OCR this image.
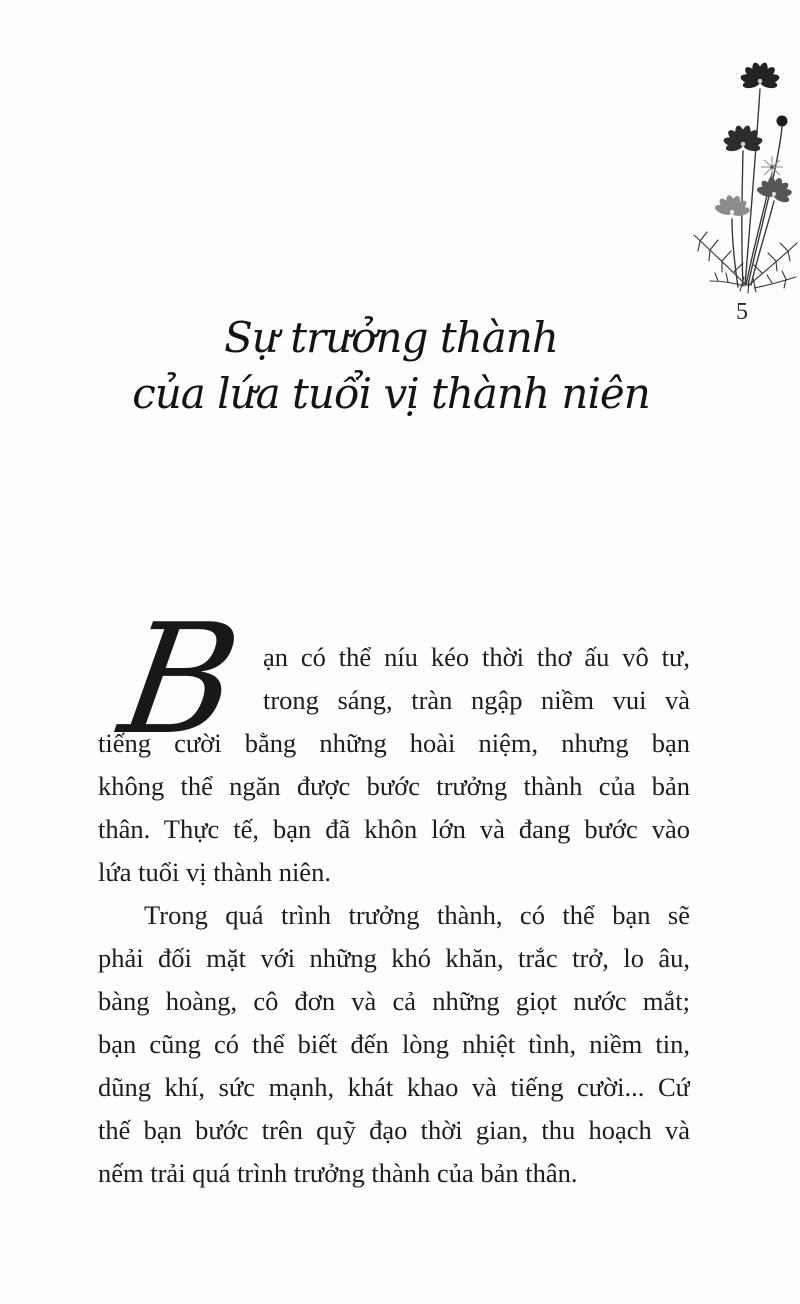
5
Sự trưởng thành
của lứa tuổi vị thành niên
B ạn có thể níu kéo thời thơ ấu vô tư,
trong sáng, tràn ngập niềm vui và
tiếng cười bằng những hoài niệm, nhưng bạn
không thể ngăn được bước trưởng thành của bản
thân. Thực tế, bạn đã khôn lớn và đang bước vào
lứa tuổi vị thành niên.
Trong quá trình trưởng thành, có thể bạn sẽ
phải đối mặt với những khó khăn, trắc trở, lo âu,
bàng hoàng, cô đơn và cả những giọt nước mắt;
bạn cũng có thể biết đến lòng nhiệt tình, niềm tin,
dũng khí, sức mạnh, khát khao và tiếng cười... Cứ
thế bạn bước trên quỹ đạo thời gian, thu hoạch và
nếm trải quá trình trưởng thành của bản thân.
